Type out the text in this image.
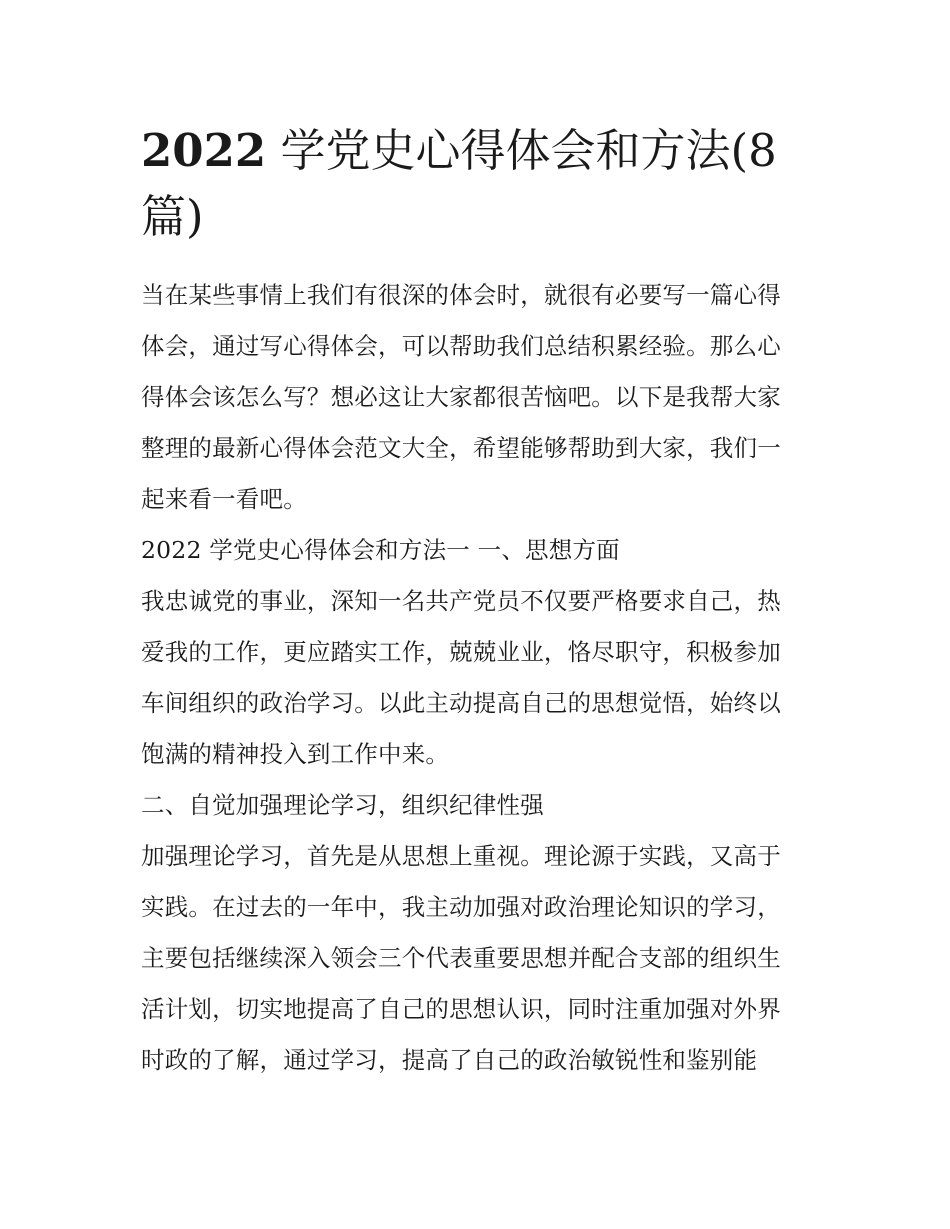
2022 学党史心得体会和方法(8
篇)
当在某些事情上我们有很深的体会时，就很有必要写一篇心得
体会，通过写心得体会，可以帮助我们总结积累经验。那么心
得体会该怎么写？想必这让大家都很苦恼吧。以下是我帮大家
整理的最新心得体会范文大全，希望能够帮助到大家，我们一
起来看一看吧。
2022 学党史心得体会和方法一 一、思想方面
我忠诚党的事业，深知一名共产党员不仅要严格要求自己，热
爱我的工作，更应踏实工作，兢兢业业，恪尽职守，积极参加
车间组织的政治学习。以此主动提高自己的思想觉悟，始终以
饱满的精神投入到工作中来。
二、自觉加强理论学习，组织纪律性强
加强理论学习，首先是从思想上重视。理论源于实践，又高于
实践。在过去的一年中，我主动加强对政治理论知识的学习，
主要包括继续深入领会三个代表重要思想并配合支部的组织生
活计划，切实地提高了自己的思想认识，同时注重加强对外界
时政的了解，通过学习，提高了自己的政治敏锐性和鉴别能
